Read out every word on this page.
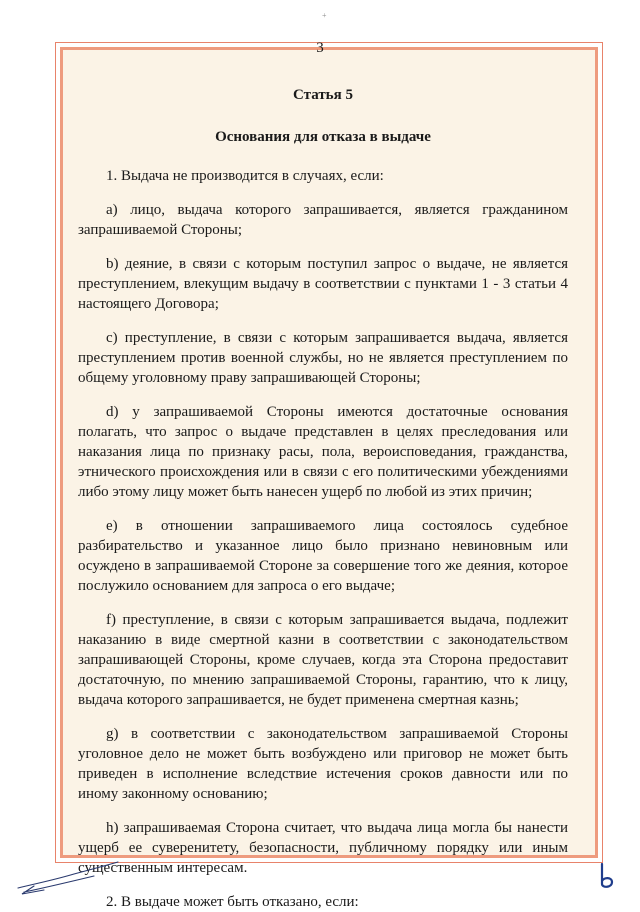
+
3
Статья 5
Основания для отказа в выдаче

1. Выдача не производится в случаях, если:

а) лицо, выдача которого запрашивается, является гражданином запрашиваемой Стороны;

b) деяние, в связи с которым поступил запрос о выдаче, не является преступлением, влекущим выдачу в соответствии с пунктами 1 - 3 статьи 4 настоящего Договора;

c) преступление, в связи с которым запрашивается выдача, является преступлением против военной службы, но не является преступлением по общему уголовному праву запрашивающей Стороны;

d) у запрашиваемой Стороны имеются достаточные основания полагать, что запрос о выдаче представлен в целях преследования или наказания лица по признаку расы, пола, вероисповедания, гражданства, этнического происхождения или в связи с его политическими убеждениями либо этому лицу может быть нанесен ущерб по любой из этих причин;

e) в отношении запрашиваемого лица состоялось судебное разбирательство и указанное лицо было признано невиновным или осуждено в запрашиваемой Стороне за совершение того же деяния, которое послужило основанием для запроса о его выдаче;

f) преступление, в связи с которым запрашивается выдача, подлежит наказанию в виде смертной казни в соответствии с законодательством запрашивающей Стороны, кроме случаев, когда эта Сторона предоставит достаточную, по мнению запрашиваемой Стороны, гарантию, что к лицу, выдача которого запрашивается, не будет применена смертная казнь;

g) в соответствии с законодательством запрашиваемой Стороны уголовное дело не может быть возбуждено или приговор не может быть приведен в исполнение вследствие истечения сроков давности или по иному законному основанию;

h) запрашиваемая Сторона считает, что выдача лица могла бы нанести ущерб ее суверенитету, безопасности, публичному порядку или иным существенным интересам.

2. В выдаче может быть отказано, если:
